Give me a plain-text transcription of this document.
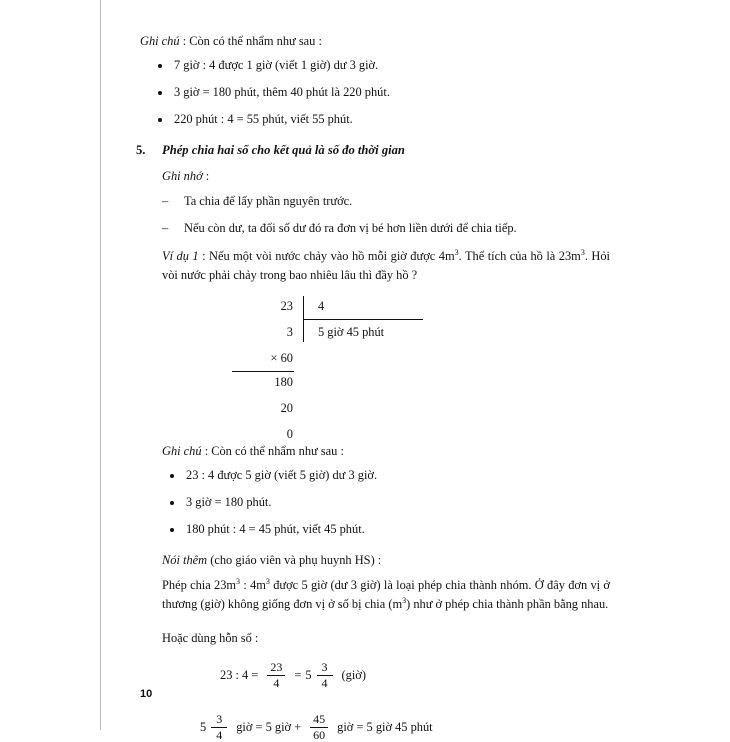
Ghi chú : Còn có thể nhẩm như sau :

7 giờ : 4 được 1 giờ (viết 1 giờ) dư 3 giờ.
3 giờ = 180 phút, thêm 40 phút là 220 phút.
220 phút : 4 = 55 phút, viết 55 phút.

5. Phép chia hai số cho kết quả là số đo thời gian

Ghi nhớ :

– Ta chia để lấy phần nguyên trước.

– Nếu còn dư, ta đổi số dư đó ra đơn vị bé hơn liền dưới để chia tiếp.

Ví dụ 1 : Nếu một vòi nước chảy vào hồ mỗi giờ được $4m^3$. Thể tích của hồ là $23m^3$. Hỏi vòi nước phải chảy trong bao nhiêu lâu thì đầy hồ ?

23 4
3 5 giờ 45 phút
× 60
180
20
0

Ghi chú : Còn có thể nhẩm như sau :

23 : 4 được 5 giờ (viết 5 giờ) dư 3 giờ.
3 giờ = 180 phút.
180 phút : 4 = 45 phút, viết 45 phút.

Nói thêm (cho giáo viên và phụ huynh HS) :

Phép chia $23m^3$ : $4m^3$ được 5 giờ (dư 3 giờ) là loại phép chia thành nhóm. Ở đây đơn vị ở thương (giờ) không giống đơn vị ở số bị chia $(m^3)$ như ở phép chia thành phần bằng nhau.

Hoặc dùng hỗn số :

23 : $4 = \frac{23}{4} = 5 \frac{3}{4}$ (giờ)
$5 \frac{3}{4}$ giờ = 5 giờ + $\frac{45}{60}$ giờ = 5 giờ 45 phút
10
